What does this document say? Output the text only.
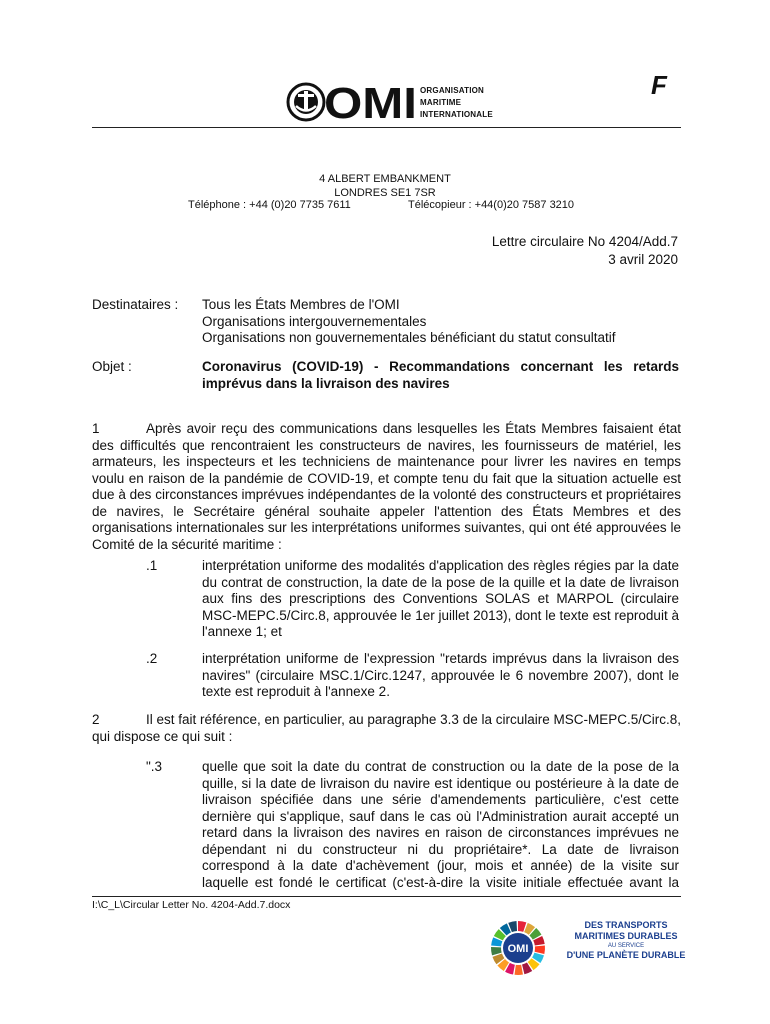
F
OMI ORGANISATION
MARITIME
INTERNATIONALE
4 ALBERT EMBANKMENT
LONDRES SE1 7SR
Téléphone : +44 (0)20 7735 7611	Télécopieur : +44(0)20 7587 3210
Lettre circulaire No 4204/Add.7
3 avril 2020
Destinataires : Tous les États Membres de l'OMI
Organisations intergouvernementales
Organisations non gouvernementales bénéficiant du statut consultatif
Objet :	Coronavirus (COVID-19) - Recommandations concernant les retards imprévus dans la livraison des navires
1	Après avoir reçu des communications dans lesquelles les États Membres faisaient état des difficultés que rencontraient les constructeurs de navires, les fournisseurs de matériel, les armateurs, les inspecteurs et les techniciens de maintenance pour livrer les navires en temps voulu en raison de la pandémie de COVID-19, et compte tenu du fait que la situation actuelle est due à des circonstances imprévues indépendantes de la volonté des constructeurs et propriétaires de navires, le Secrétaire général souhaite appeler l'attention des États Membres et des organisations internationales sur les interprétations uniformes suivantes, qui ont été approuvées le Comité de la sécurité maritime :
.1	interprétation uniforme des modalités d'application des règles régies par la date du contrat de construction, la date de la pose de la quille et la date de livraison aux fins des prescriptions des Conventions SOLAS et MARPOL (circulaire MSC-MEPC.5/Circ.8, approuvée le 1er juillet 2013), dont le texte est reproduit à l'annexe 1; et
.2	interprétation uniforme de l'expression "retards imprévus dans la livraison des navires" (circulaire MSC.1/Circ.1247, approuvée le 6 novembre 2007), dont le texte est reproduit à l'annexe 2.
2	Il est fait référence, en particulier, au paragraphe 3.3 de la circulaire MSC-MEPC.5/Circ.8, qui dispose ce qui suit :
".3	quelle que soit la date du contrat de construction ou la date de la pose de la quille, si la date de livraison du navire est identique ou postérieure à la date de livraison spécifiée dans une série d'amendements particulière, c'est cette dernière qui s'applique, sauf dans le cas où l'Administration aurait accepté un retard dans la livraison des navires en raison de circonstances imprévues ne dépendant ni du constructeur ni du propriétaire*. La date de livraison correspond à la date d'achèvement (jour, mois et année) de la visite sur laquelle est fondé le certificat (c'est-à-dire la visite initiale effectuée avant la
I:\C_L\Circular Letter No. 4204-Add.7.docx
OMI
DES TRANSPORTS
MARITIMES DURABLES
AU SERVICE
D'UNE PLANÈTE DURABLE
